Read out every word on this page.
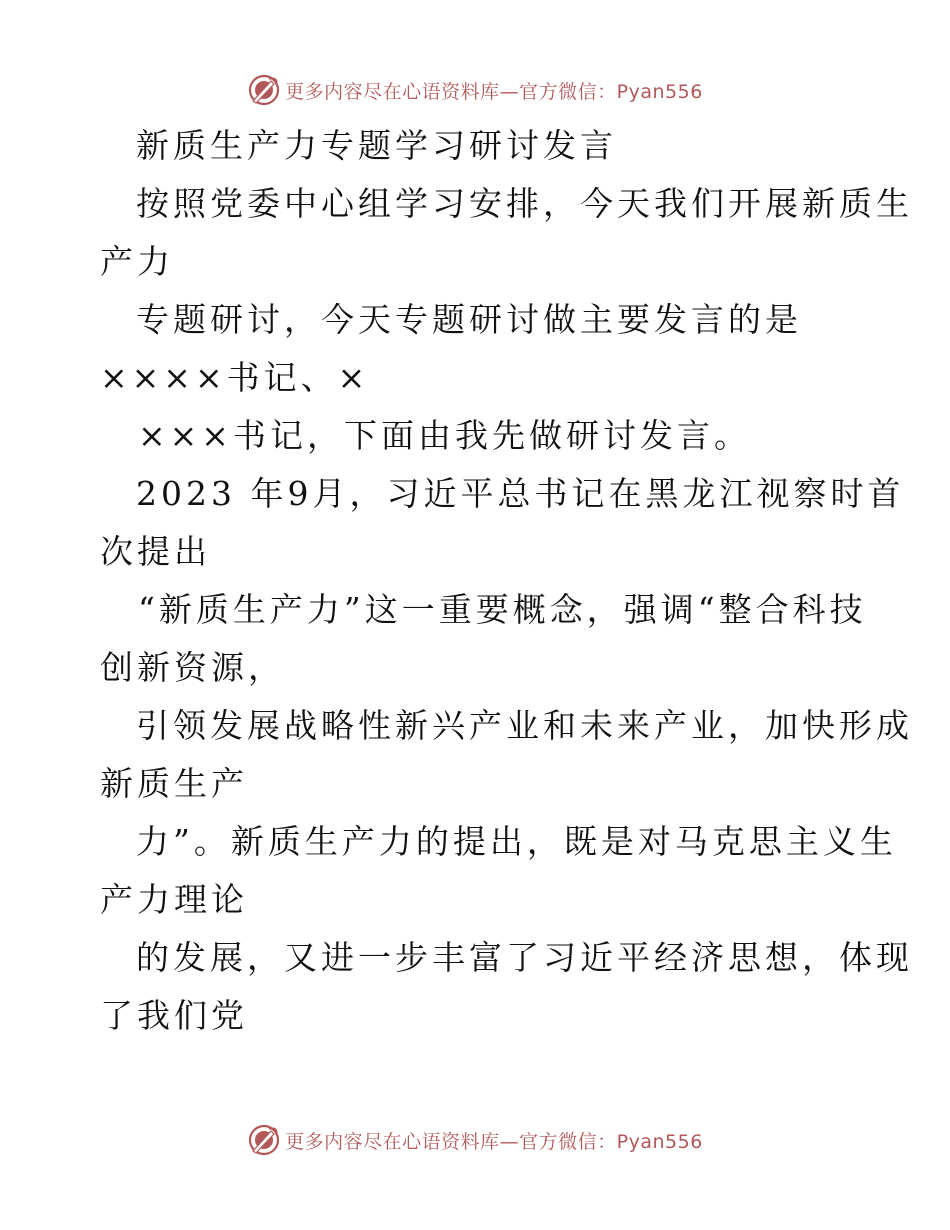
更多内容尽在心语资料库—官方微信：Pyan556
新质生产力专题学习研讨发言
按照党委中心组学习安排，今天我们开展新质生
产力
专题研讨，今天专题研讨做主要发言的是
××××书记、×
×××书记，下面由我先做研讨发言。
2023 年9月，习近平总书记在黑龙江视察时首
次提出
“新质生产力”这一重要概念，强调“整合科技
创新资源，
引领发展战略性新兴产业和未来产业，加快形成
新质生产
力”。新质生产力的提出，既是对马克思主义生
产力理论
的发展，又进一步丰富了习近平经济思想，体现
了我们党
更多内容尽在心语资料库—官方微信：Pyan556
